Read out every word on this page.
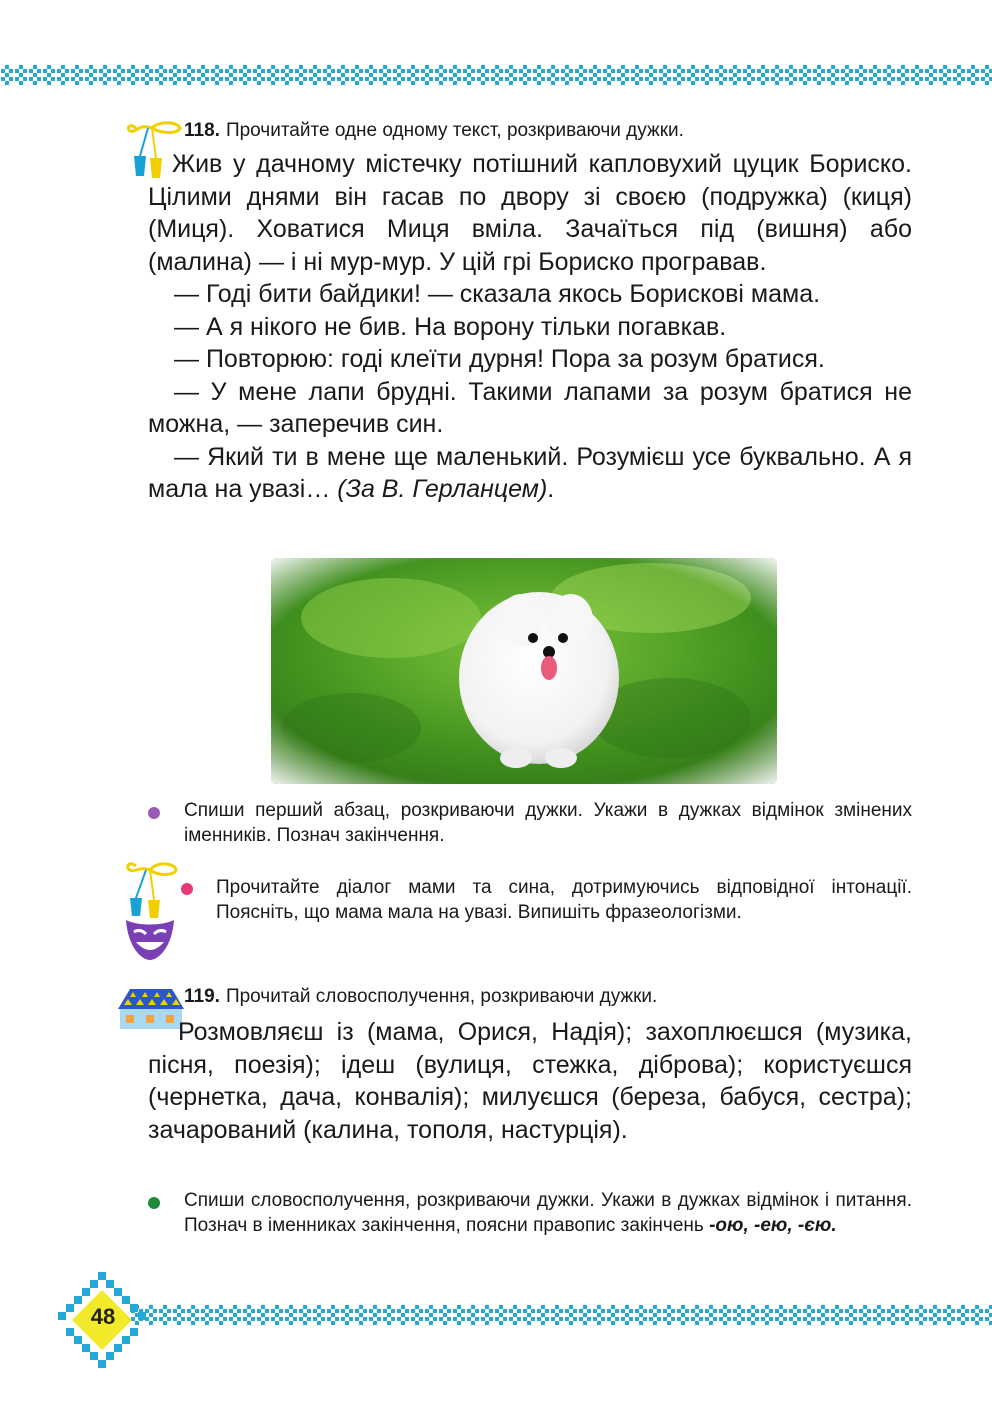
118. Прочитайте одне одному текст, розкриваючи дужки.

Жив у дачному містечку потішний капловухий цуцик Бориско. Цілими днями він гасав по двору зі своєю (подружка) (киця) (Миця). Ховатися Миця вміла. Зачаїться під (вишня) або (малина) — і ні мур-мур. У цій грі Бориско програвав.

— Годі бити байдики! — сказала якось Борискові мама.

— А я нікого не бив. На ворону тільки погавкав.

— Повторюю: годі клеїти дурня! Пора за розум братися.

— У мене лапи брудні. Такими лапами за розум братися не можна, — заперечив син.

— Який ти в мене ще маленький. Розумієш усе буквально. А я мала на увазі… (За В. Герланцем).

Спиши перший абзац, розкриваючи дужки. Укажи в дужках відмінок змінених іменників. Познач закінчення.
Прочитайте діалог мами та сина, дотримуючись відповідної інтонації. Поясніть, що мама мала на увазі. Випишіть фразеологізми.
119. Прочитай словосполучення, розкриваючи дужки.

Розмовляєш із (мама, Орися, Надія); захоплюєшся (музика, пісня, поезія); ідеш (вулиця, стежка, діброва); користуєшся (чернетка, дача, конвалія); милуєшся (береза, бабуся, сестра); зачарований (калина, тополя, настурція).

Спиши словосполучення, розкриваючи дужки. Укажи в дужках відмінок і питання. Познач в іменниках закінчення, поясни правопис закінчень -ою, -ею, -єю.
48
